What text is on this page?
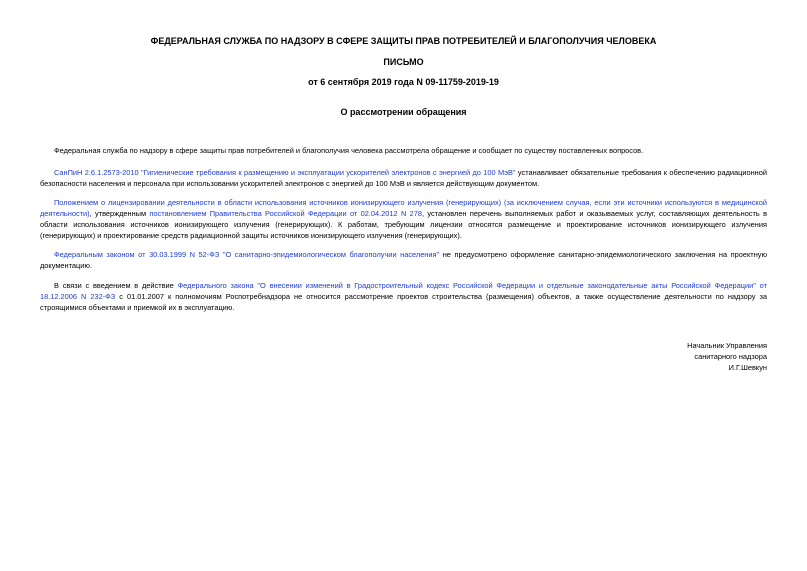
ФЕДЕРАЛЬНАЯ СЛУЖБА ПО НАДЗОРУ В СФЕРЕ ЗАЩИТЫ ПРАВ ПОТРЕБИТЕЛЕЙ И БЛАГОПОЛУЧИЯ ЧЕЛОВЕКА
ПИСЬМО
от 6 сентября 2019 года N 09-11759-2019-19
О рассмотрении обращения

Федеральная служба по надзору в сфере защиты прав потребителей и благополучия человека рассмотрела обращение и сообщает по существу поставленных вопросов.

СанПиН 2.6.1.2573-2010 "Гигиенические требования к размещению и эксплуатации ускорителей электронов с энергией до 100 МэВ" устанавливает обязательные требования к обеспечению радиационной безопасности населения и персонала при использовании ускорителей электронов с энергией до 100 МэВ и является действующим документом.

Положением о лицензировании деятельности в области использования источников ионизирующего излучения (генерирующих) (за исключением случая, если эти источники используются в медицинской деятельности), утвержденным постановлением Правительства Российской Федерации от 02.04.2012 N 278, установлен перечень выполняемых работ и оказываемых услуг, составляющих деятельность в области использования источников ионизирующего излучения (генерирующих). К работам, требующим лицензии относятся размещение и проектирование источников ионизирующего излучения (генерирующих) и проектирование средств радиационной защиты источников ионизирующего излучения (генерирующих).

Федеральным законом от 30.03.1999 N 52-ФЗ "О санитарно-эпидемиологическом благополучии населения" не предусмотрено оформление санитарно-эпидемиологического заключения на проектную документацию.

В связи с введением в действие Федерального закона "О внесении изменений в Градостроительный кодекс Российской Федерации и отдельные законодательные акты Российской Федерации" от 18.12.2006 N 232-ФЗ с 01.01.2007 к полномочиям Роспотребнадзора не относится рассмотрение проектов строительства (размещения) объектов, а также осуществление деятельности по надзору за строящимися объектами и приемкой их в эксплуатацию.

Начальник Управления
санитарного надзора
И.Г.Шевкун
